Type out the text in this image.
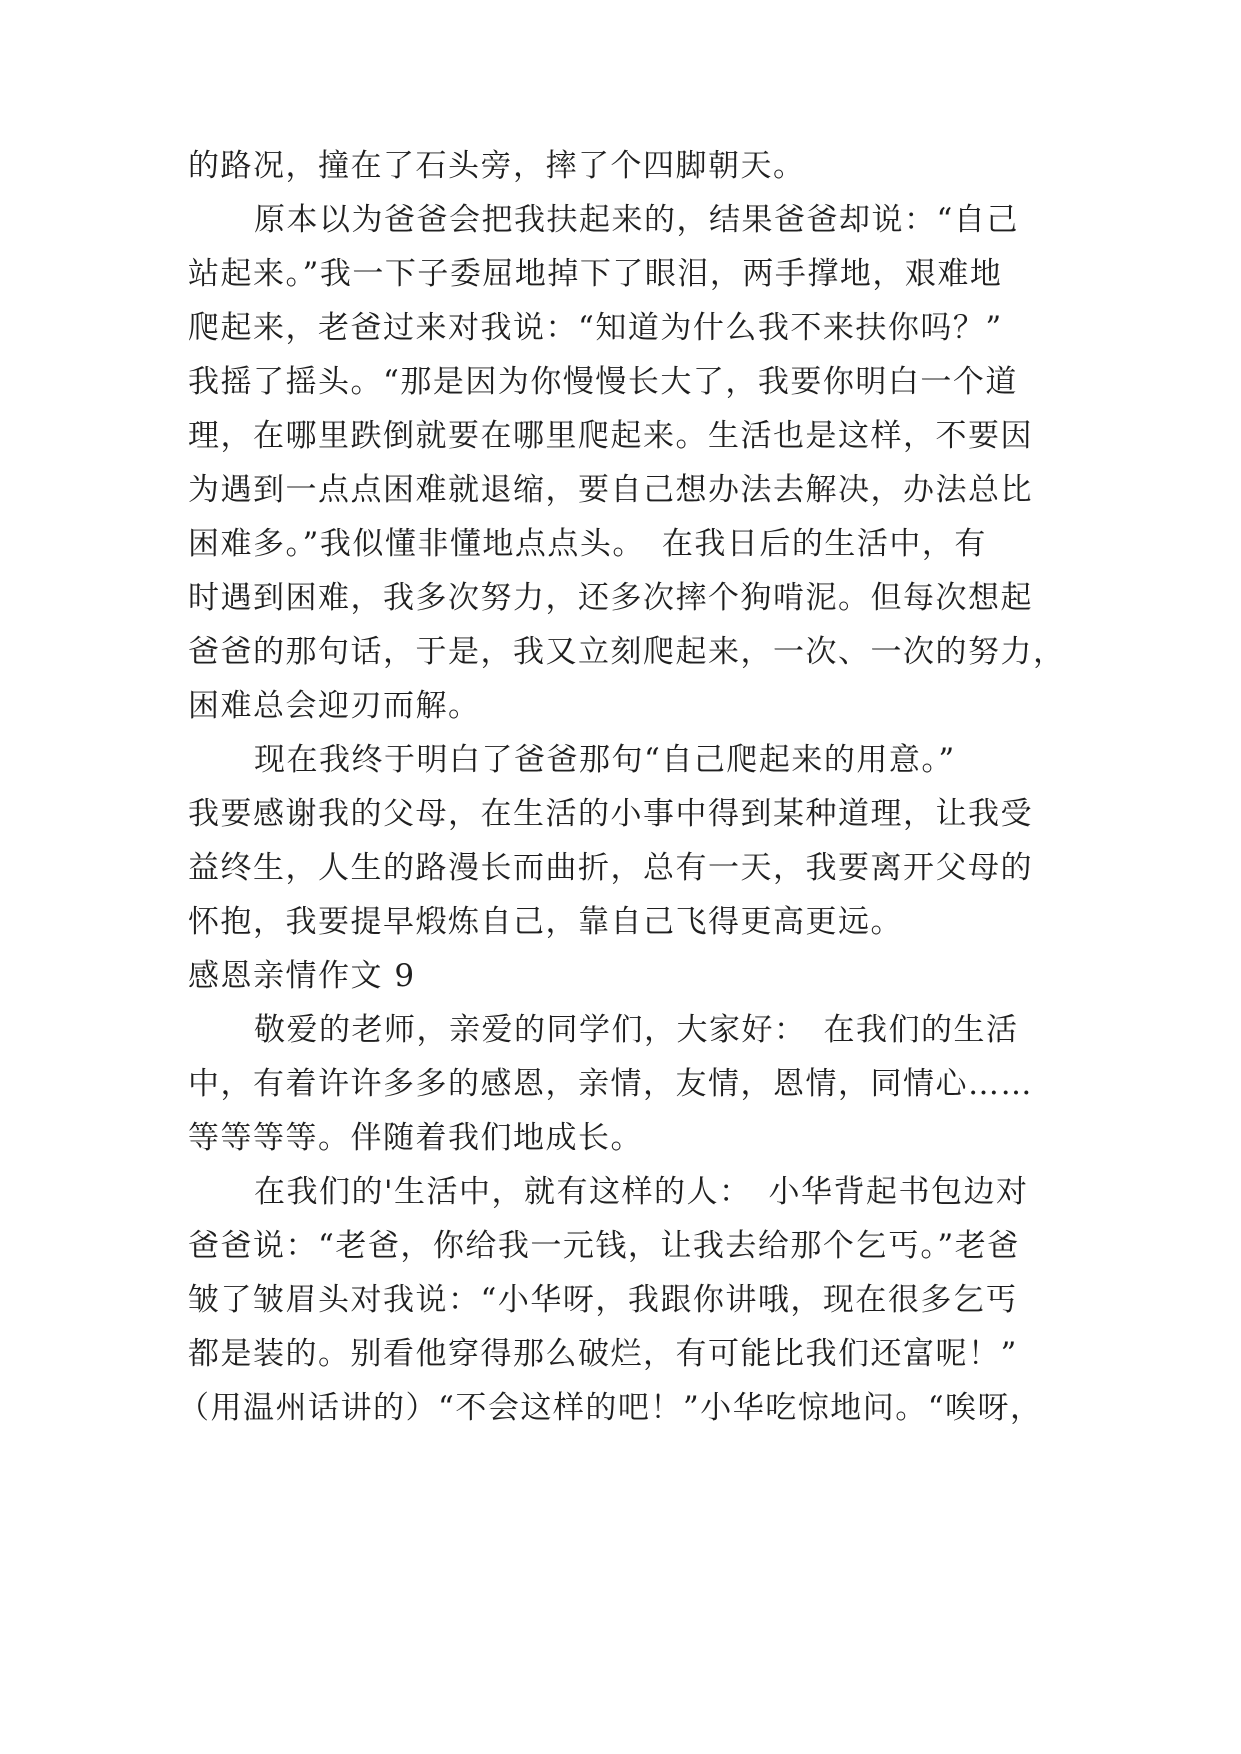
的路况，撞在了石头旁，摔了个四脚朝天。
原本以为爸爸会把我扶起来的，结果爸爸却说：“自己
站起来。”我一下子委屈地掉下了眼泪，两手撑地，艰难地
爬起来，老爸过来对我说：“知道为什么我不来扶你吗？”
我摇了摇头。“那是因为你慢慢长大了，我要你明白一个道
理，在哪里跌倒就要在哪里爬起来。生活也是这样，不要因
为遇到一点点困难就退缩，要自己想办法去解决，办法总比
困难多。”我似懂非懂地点点头。　在我日后的生活中，有
时遇到困难，我多次努力，还多次摔个狗啃泥。但每次想起
爸爸的那句话，于是，我又立刻爬起来，一次、一次的努力，
困难总会迎刃而解。
现在我终于明白了爸爸那句“自己爬起来的用意。”
我要感谢我的父母，在生活的小事中得到某种道理，让我受
益终生，人生的路漫长而曲折，总有一天，我要离开父母的
怀抱，我要提早煅炼自己，靠自己飞得更高更远。
感恩亲情作文 9
敬爱的老师，亲爱的同学们，大家好：　在我们的生活
中，有着许许多多的感恩，亲情，友情，恩情，同情心……
等等等等。伴随着我们地成长。
在我们的'生活中，就有这样的人：　小华背起书包边对
爸爸说：“老爸，你给我一元钱，让我去给那个乞丐。”老爸
皱了皱眉头对我说：“小华呀，我跟你讲哦，现在很多乞丐
都是装的。别看他穿得那么破烂，有可能比我们还富呢！”
（用温州话讲的）“不会这样的吧！”小华吃惊地问。“唉呀，
